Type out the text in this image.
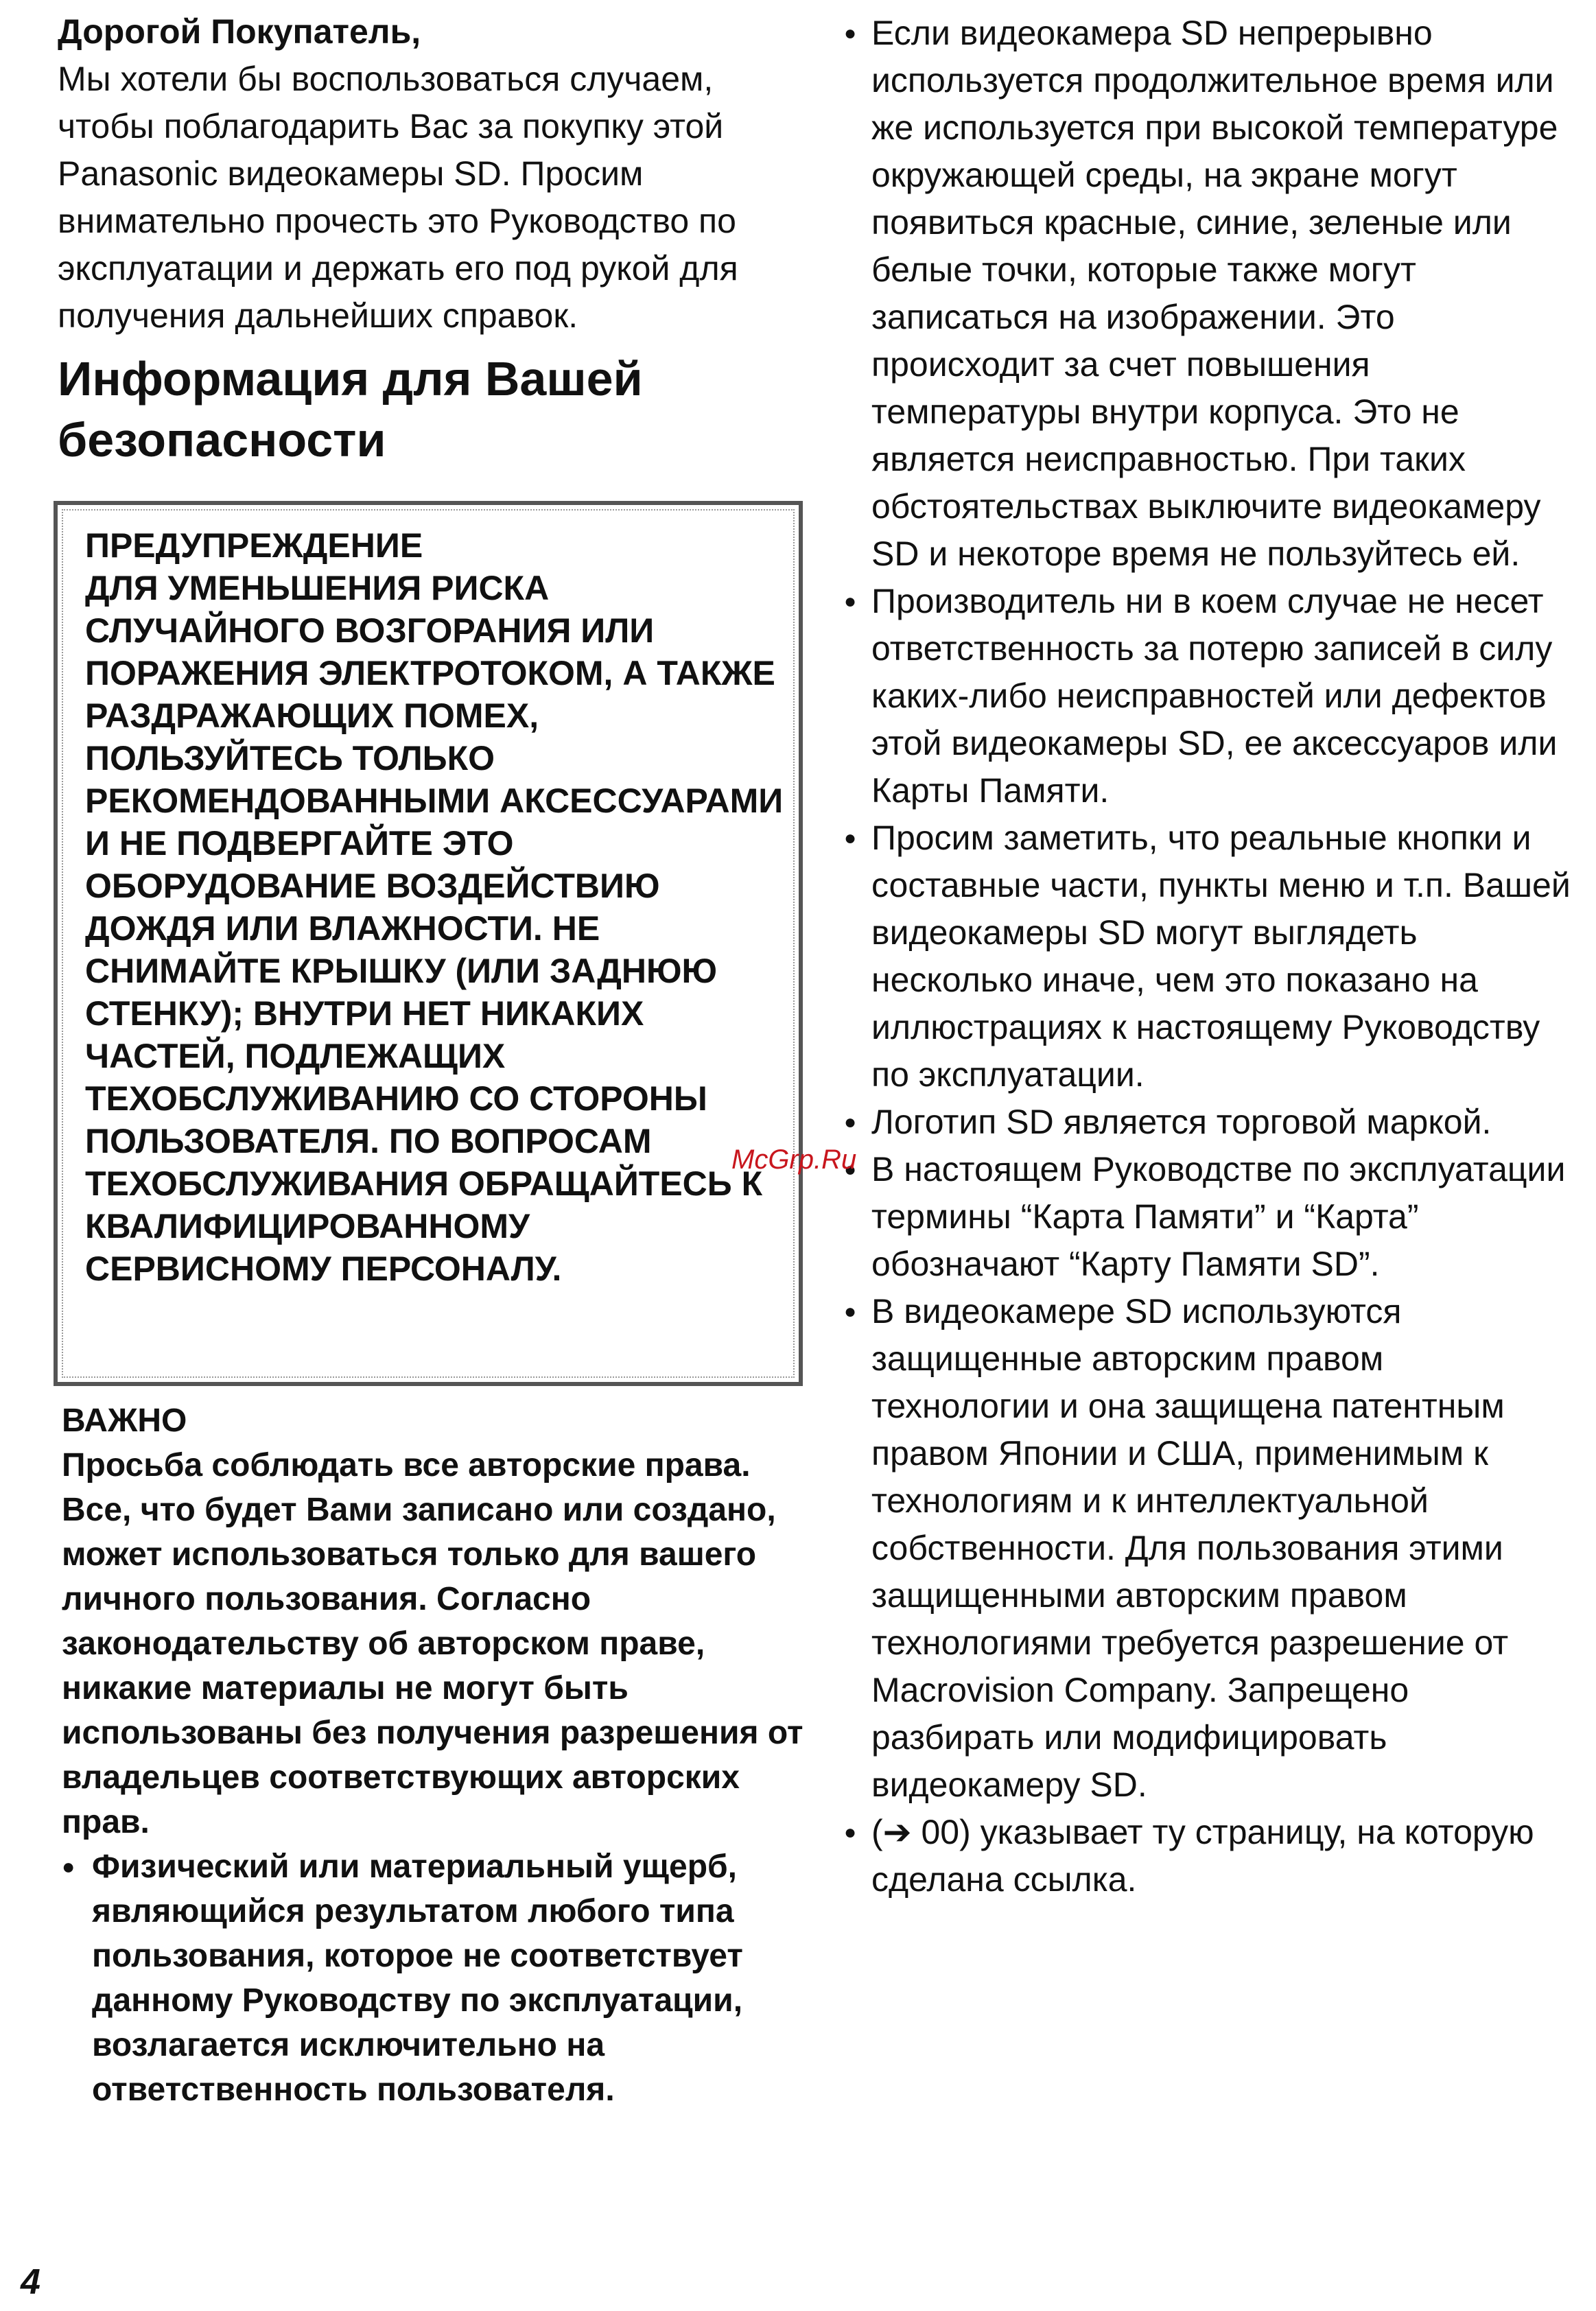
Дорогой Покупатель,
Мы хотели бы воспользоваться случаем, чтобы поблагодарить Вас за покупку этой Panasonic видеокамеры SD. Просим внимательно прочесть это Руководство по эксплуатации и держать его под рукой для получения дальнейших справок.
Информация для Вашей безопасности
ПРЕДУПРЕЖДЕНИЕ
ДЛЯ УМЕНЬШЕНИЯ РИСКА СЛУЧАЙНОГО ВОЗГОРАНИЯ ИЛИ ПОРАЖЕНИЯ ЭЛЕКТРОТОКОМ, А ТАКЖЕ РАЗДРАЖАЮЩИХ ПОМЕХ, ПОЛЬЗУЙТЕСЬ ТОЛЬКО РЕКОМЕНДОВАННЫМИ АКСЕССУАРАМИ И НЕ ПОДВЕРГАЙТЕ ЭТО ОБОРУДОВАНИЕ ВОЗДЕЙСТВИЮ ДОЖДЯ ИЛИ ВЛАЖНОСТИ. НЕ СНИМАЙТЕ КРЫШКУ (ИЛИ ЗАДНЮЮ СТЕНКУ); ВНУТРИ НЕТ НИКАКИХ ЧАСТЕЙ, ПОДЛЕЖАЩИХ ТЕХОБСЛУЖИВАНИЮ СО СТОРОНЫ ПОЛЬЗОВАТЕЛЯ. ПО ВОПРОСАМ ТЕХОБСЛУЖИВАНИЯ ОБРАЩАЙТЕСЬ К КВАЛИФИЦИРОВАННОМУ СЕРВИСНОМУ ПЕРСОНАЛУ.

ВАЖНО

Просьба соблюдать все авторские права.

Все, что будет Вами записано или создано, может использоваться только для вашего личного пользования. Согласно законодательству об авторском праве, никакие материалы не могут быть использованы без получения разрешения от владельцев соответствующих авторских прав.

● Физический или материальный ущерб, являющийся результатом любого типа пользования, которое не соответствует данному Руководству по эксплуатации, возлагается исключительно на ответственность пользователя.

● Если видеокамера SD непрерывно используется продолжительное время или же используется при высокой температуре окружающей среды, на экране могут появиться красные, синие, зеленые или белые точки, которые также могут записаться на изображении. Это происходит за счет повышения температуры внутри корпуса. Это не является неисправностью. При таких обстоятельствах выключите видеокамеру SD и некоторе время не пользуйтесь ей.
● Производитель ни в коем случае не несет ответственность за потерю записей в силу каких-либо неисправностей или дефектов этой видеокамеры SD, ее аксессуаров или Карты Памяти.
● Просим заметить, что реальные кнопки и составные части, пункты меню и т.п. Вашей видеокамеры SD могут выглядеть несколько иначе, чем это показано на иллюстрациях к настоящему Руководству по эксплуатации.
● Логотип SD является торговой маркой.
● В настоящем Руководстве по эксплуатации термины “Карта Памяти” и “Карта” обозначают “Карту Памяти SD”.
● В видеокамере SD используются защищенные авторским правом технологии и она защищена патентным правом Японии и США, применимым к технологиям и к интеллектуальной собственности. Для пользования этими защищенными авторским правом технологиями требуется разрешение от Macrovision Company. Запрещено разбирать или модифицировать видеокамеру SD.
● (➔ 00) указывает ту страницу, на которую сделана ссылка.
McGrp.Ru
4
